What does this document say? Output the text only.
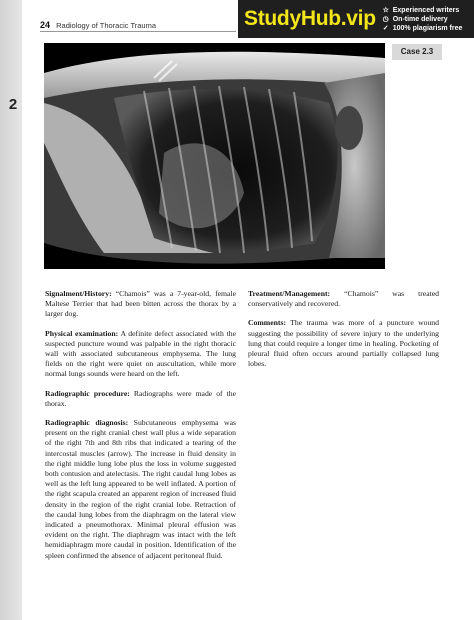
2
24 Radiology of Thoracic Trauma	StudyHub.vip ☆ Experienced writers
◷ On-time delivery
✓ 100% plagiarism free
Case 2.3

Signalment/History: “Chamois” was a 7-year-old, female Maltese Terrier that had been bitten across the thorax by a larger dog.

Physical examination: A definite defect associated with the suspected puncture wound was palpable in the right thoracic wall with associated subcutaneous emphysema. The lung fields on the right were quiet on auscultation, while more normal lungs sounds were heard on the left.

Radiographic procedure: Radiographs were made of the thorax.

Radiographic diagnosis: Subcutaneous emphysema was present on the right cranial chest wall plus a wide separation of the right 7th and 8th ribs that indicated a tearing of the intercostal muscles (arrow). The increase in fluid density in the right middle lung lobe plus the loss in volume suggested both contusion and atelectasis. The right caudal lung lobes as well as the left lung appeared to be well inflated. A portion of the right scapula created an apparent region of increased fluid density in the region of the right cranial lobe. Retraction of the caudal lung lobes from the diaphragm on the lateral view indicated a pneumothorax. Minimal pleural effusion was evident on the right. The diaphragm was intact with the left hemidiaphragm more caudal in position. Identification of the spleen confirmed the absence of adjacent peritoneal fluid.

Treatment/Management: “Chamois” was treated conservatively and recovered.

Comments: The trauma was more of a puncture wound suggesting the possibility of severe injury to the underlying lung that could require a longer time in healing. Pocketing of pleural fluid often occurs around partially collapsed lung lobes.
